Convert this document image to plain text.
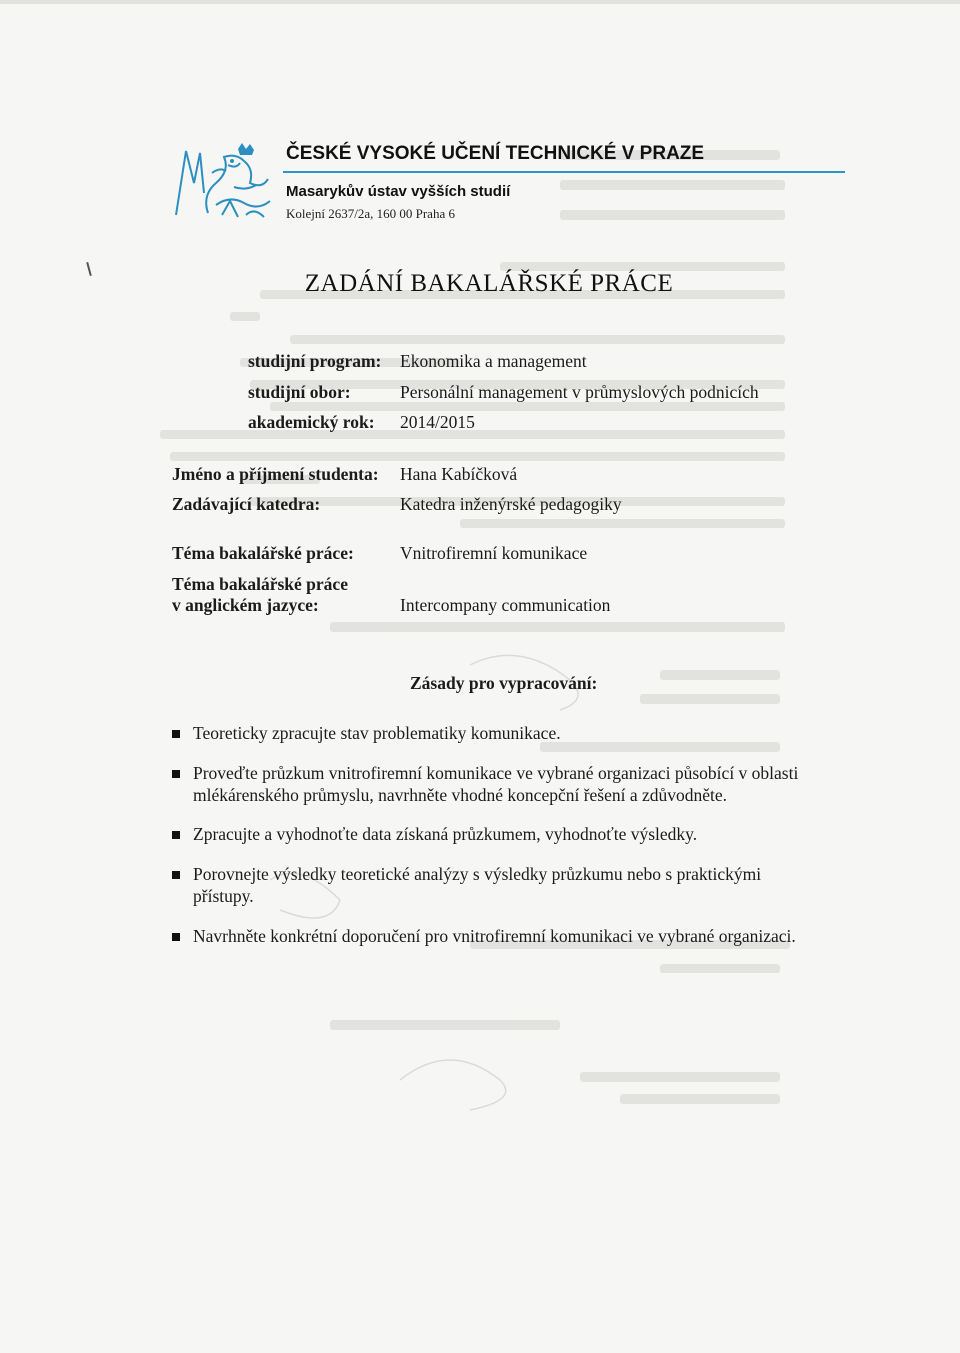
ČESKÉ VYSOKÉ UČENÍ TECHNICKÉ V PRAZE
Masarykův ústav vyšších studií
Kolejní 2637/2a, 160 00 Praha 6
ZADÁNÍ BAKALÁŘSKÉ PRÁCE
studijní program: Ekonomika a management
studijní obor:	Personální management v průmyslových podnicích
akademický rok: 2014/2015
Jméno a příjmení studenta: Hana Kabíčková
Zadávající katedra:	Katedra inženýrské pedagogiky
Téma bakalářské práce:	Vnitrofiremní komunikace
Téma bakalářské práce
v anglickém jazyce:	Intercompany communication
Zásady pro vypracování:
Teoreticky zpracujte stav problematiky komunikace.
Proveďte průzkum vnitrofiremní komunikace ve vybrané organizaci působící v oblasti
mlékárenského průmyslu, navrhněte vhodné koncepční řešení a zdůvodněte.
Zpracujte a vyhodnoťte data získaná průzkumem, vyhodnoťte výsledky.
Porovnejte výsledky teoretické analýzy s výsledky průzkumu nebo s praktickými
přístupy.
Navrhněte konkrétní doporučení pro vnitrofiremní komunikaci ve vybrané organizaci.
